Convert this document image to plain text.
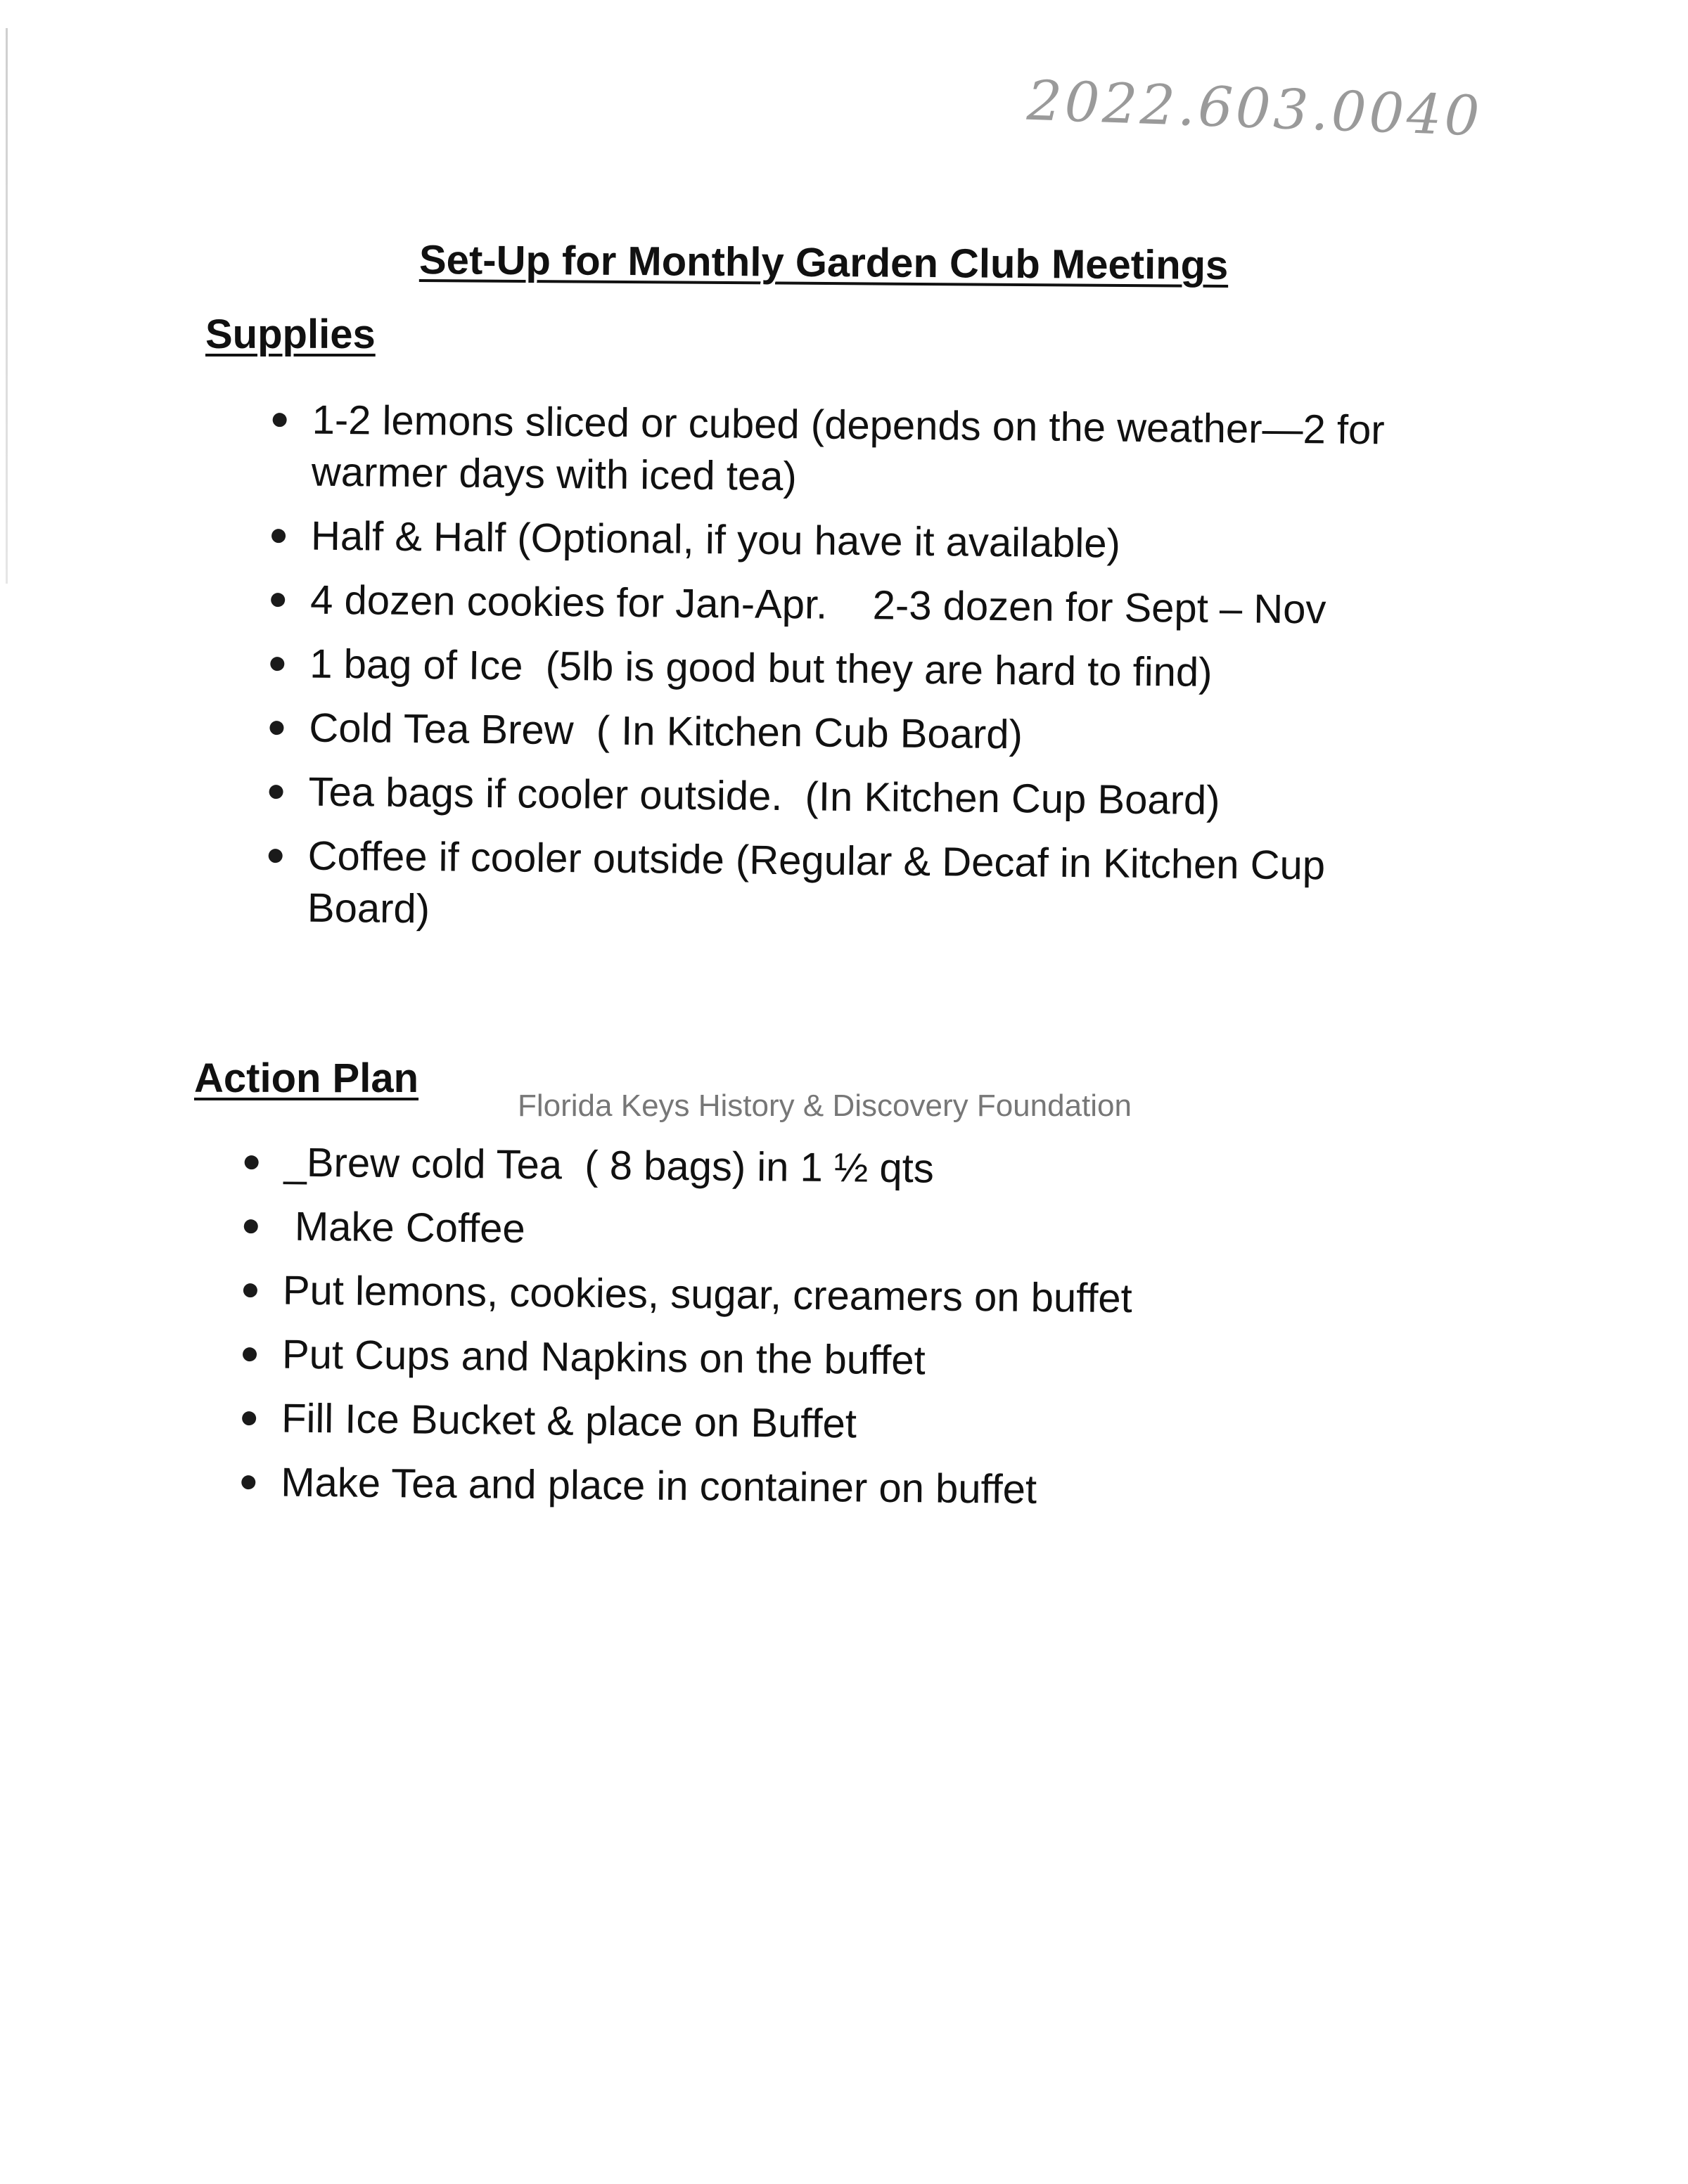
2022.603.0040
Set-Up for Monthly Garden Club Meetings
Supplies
1-2 lemons sliced or cubed (depends on the weather—2 for warmer days with iced tea)
Half & Half (Optional, if you have it available)
4 dozen cookies for Jan-Apr.    2-3 dozen for Sept – Nov
1 bag of Ice  (5lb is good but they are hard to find)
Cold Tea Brew  ( In Kitchen Cub Board)
Tea bags if cooler outside.  (In Kitchen Cup Board)
Coffee if cooler outside (Regular & Decaf in Kitchen Cup Board)
Action Plan
Florida Keys History & Discovery Foundation
_Brew cold Tea  ( 8 bags) in 1 ½ qts
Make Coffee
Put lemons, cookies, sugar, creamers on buffet
Put Cups and Napkins on the buffet
Fill Ice Bucket & place on Buffet
Make Tea and place in container on buffet
